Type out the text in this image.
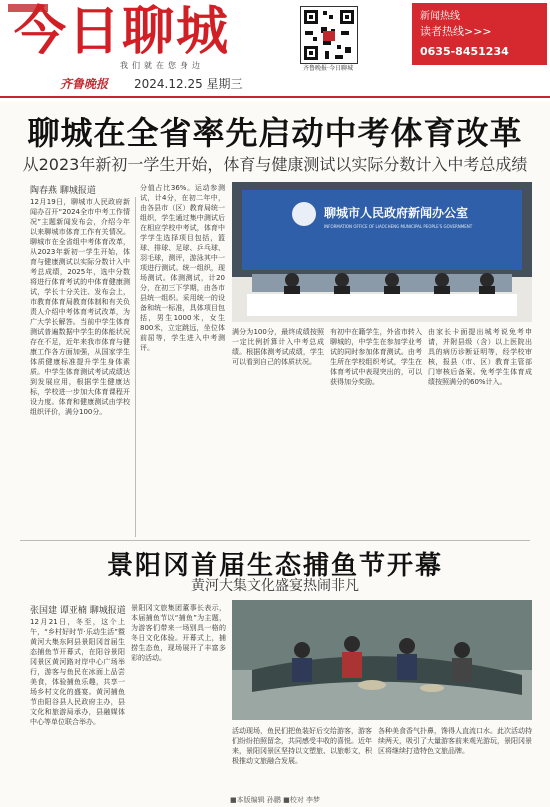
今日聊城
我们就在您身边
齐鲁晚报	2024.12.25 星期三
齐鲁晚报·今日聊城
新闻热线
读者热线>>>
0635-8451234
聊城在全省率先启动中考体育改革
从2023年新初一学生开始，体育与健康测试以实际分数计入中考总成绩
陶春燕 聊城报道
12月19日，聊城市人民政府新闻办召开“2024全市中考工作情况”主题新闻发布会，介绍今年以来聊城市体育工作有关情况。聊城市在全省组中考体育改革，从2023年新初一学生开始，体育与健康测试以实际分数计入中考总成绩，2025年，选中分数将进行体育考试的中体育健康测试，学长十分关注、发布会上，市教育体育局教育体制和有关负责人介绍中考体育考试改革，为广大学长解答。当前中学生体育测试普遍数据中学生的体能状况存在不足，近年来我市体育与健康工作各方面加强，从国家学生体质健康标准提升学生身体素质。中学生体育测试考试成绩达到发展应用，根据学生健康达标，学校进一步加大体育课程开设力度。体育和健康测试由学校组织评价，满分100分。
分值占比36%。运动参测试，计4分，在初二年中，由各县市（区）教育局统一组织，学生通过集中测试后在相应学校中考试，体育中学学生选择项目包括，篮球、排球、足球、乒乓球、羽毛球，测评，游泳其中一项进行测试。统一组织，现场测试。体测测试，计20分，在初三下学期，由各市县统一组织。采用统一的设备和统一标准，具体项目包括，男生1000米，女生800米，立定跳远，坐位体前屈等，学生进入中考测评。
聊城市人民政府新闻办公室
INFORMATION OFFICE OF LIAOCHENG MUNICIPAL PEOPLE'S GOVERNMENT
满分为100分，最终成绩按照一定比例折算计入中考总成绩。根据体测考试成绩，学生可以看到自己的体质状况。
有初中在籍学生，外省市转入聊城的，中学生在参加学业考试的同时参加体育测试。由考生所在学校组织考试，学生在体育考试中表现突出的，可以获得加分奖励。
由家长卡面提出城考说免考申请，并附县级（含）以上医院出具的病历诊断证明等，经学校审核，报县（市、区）教育主管部门审核后备案。免考学生体育成绩按照满分的60%计入。
景阳冈首届生态捕鱼节开幕
黄河大集文化盛宴热闹非凡
张国建 谭亚楠 聊城报道
12月21日，冬至，这个上午，“乡村好时节·乐动生活”暨黄河大集东阿县景阳冈首届生态捕鱼节开幕式，在阳谷景阳冈景区黄河路对岸中心广场举行，游客与鱼民在冰面上品尝美食，体验捕鱼乐趣，共享一场乡村文化的盛宴。黄河捕鱼节由阳谷县人民政府主办，县文化和旅游局承办，县融媒体中心等单位联合举办。
景阳冈文旅集团董事长表示，本届捕鱼节以“捕鱼”为主题，为游客们带来一场别具一格的冬日文化体验。开幕式上，捕捞生态鱼，现场展开了丰富多彩的活动。
活动现场，鱼民们把鱼装好后交给游客，游客们纷纷拍照留念，共同感受丰收的喜悦。近年来，景阳冈景区坚持以文塑旅、以旅彰文，积极推动文旅融合发展。
各种美食香气扑鼻，馋得人直流口水。此次活动持续两天，吸引了大量游客前来观光游玩，景阳冈景区将继续打造特色文旅品牌。
■本版编辑 孙鹏 ■校对 李梦
